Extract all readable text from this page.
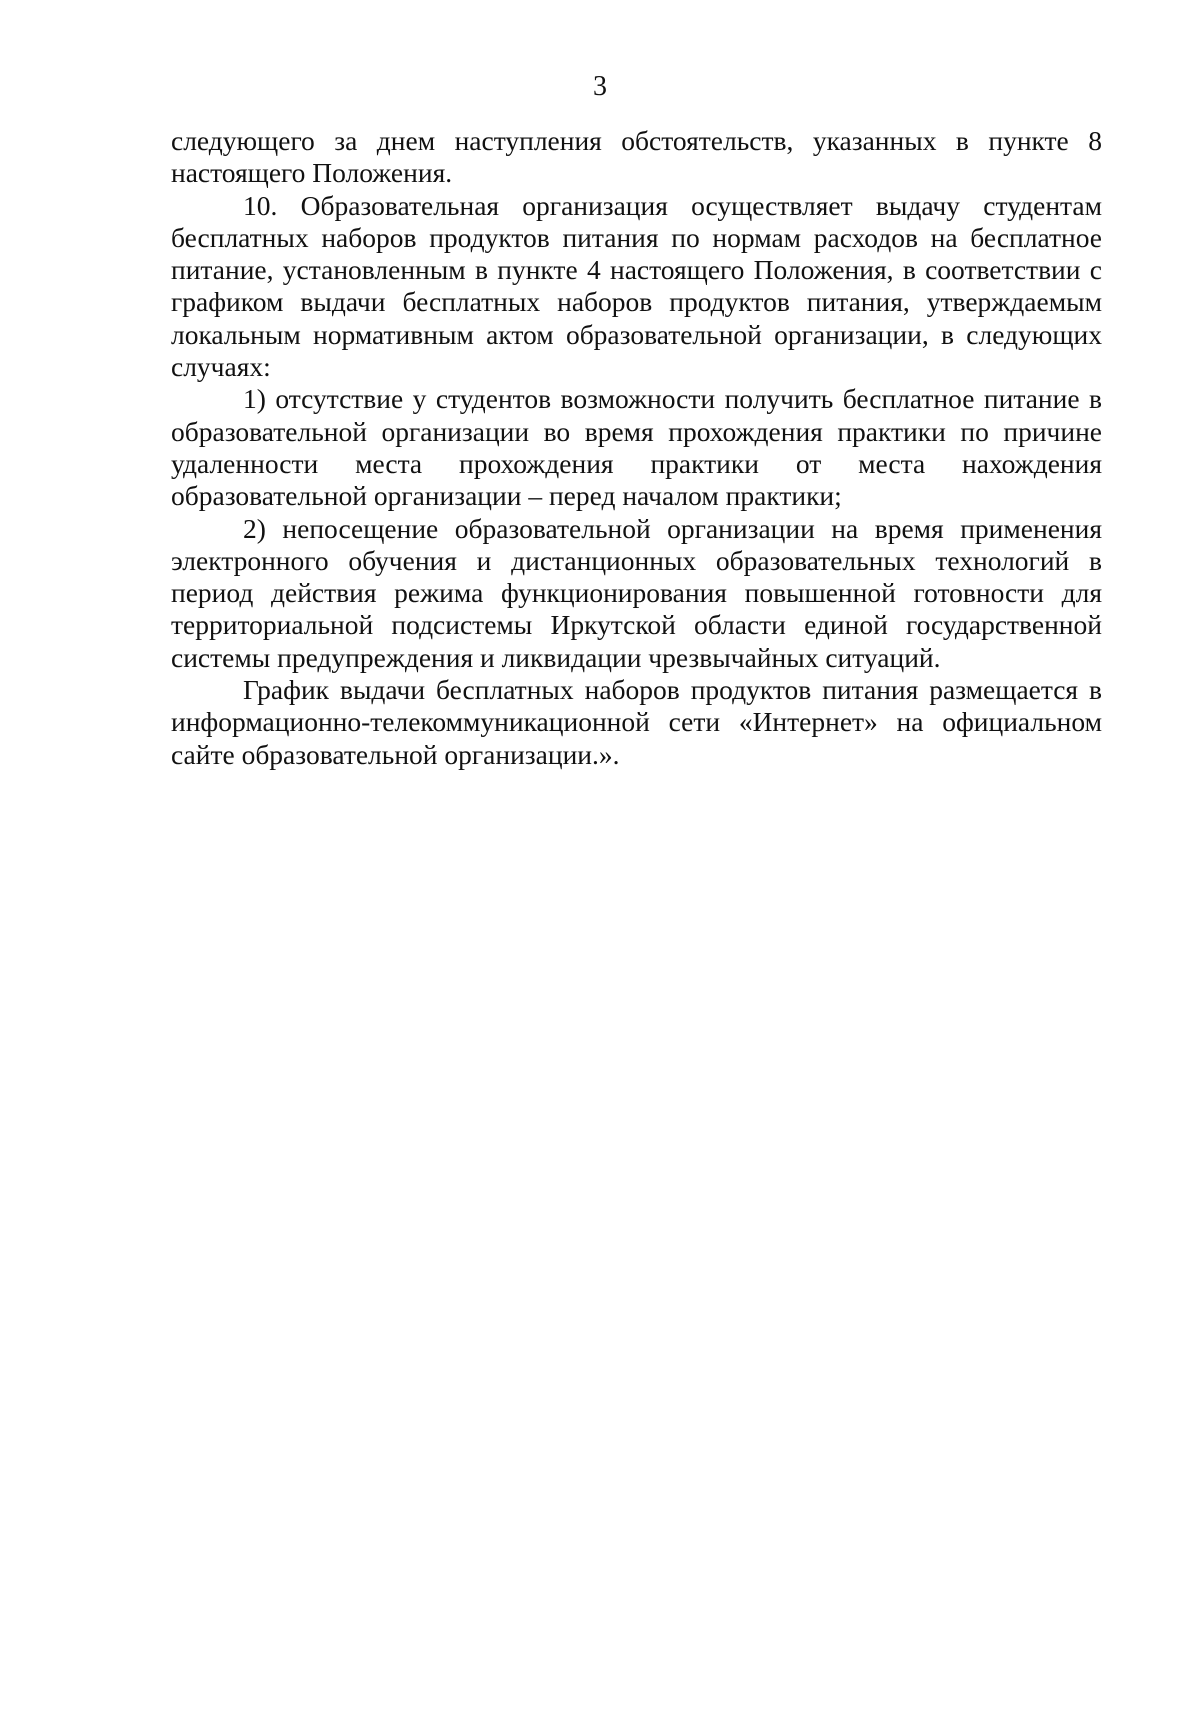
3

следующего за днем наступления обстоятельств, указанных в пункте 8 настоящего Положения.

10. Образовательная организация осуществляет выдачу студентам бесплатных наборов продуктов питания по нормам расходов на бесплатное питание, установленным в пункте 4 настоящего Положения, в соответствии с графиком выдачи бесплатных наборов продуктов питания, утверждаемым локальным нормативным актом образовательной организации, в следующих случаях:

1) отсутствие у студентов возможности получить бесплатное питание в образовательной организации во время прохождения практики по причине удаленности места прохождения практики от места нахождения образовательной организации – перед началом практики;

2) непосещение образовательной организации на время применения электронного обучения и дистанционных образовательных технологий в период действия режима функционирования повышенной готовности для территориальной подсистемы Иркутской области единой государственной системы предупреждения и ликвидации чрезвычайных ситуаций.

График выдачи бесплатных наборов продуктов питания размещается в информационно-телекоммуникационной сети «Интернет» на официальном сайте образовательной организации.».
